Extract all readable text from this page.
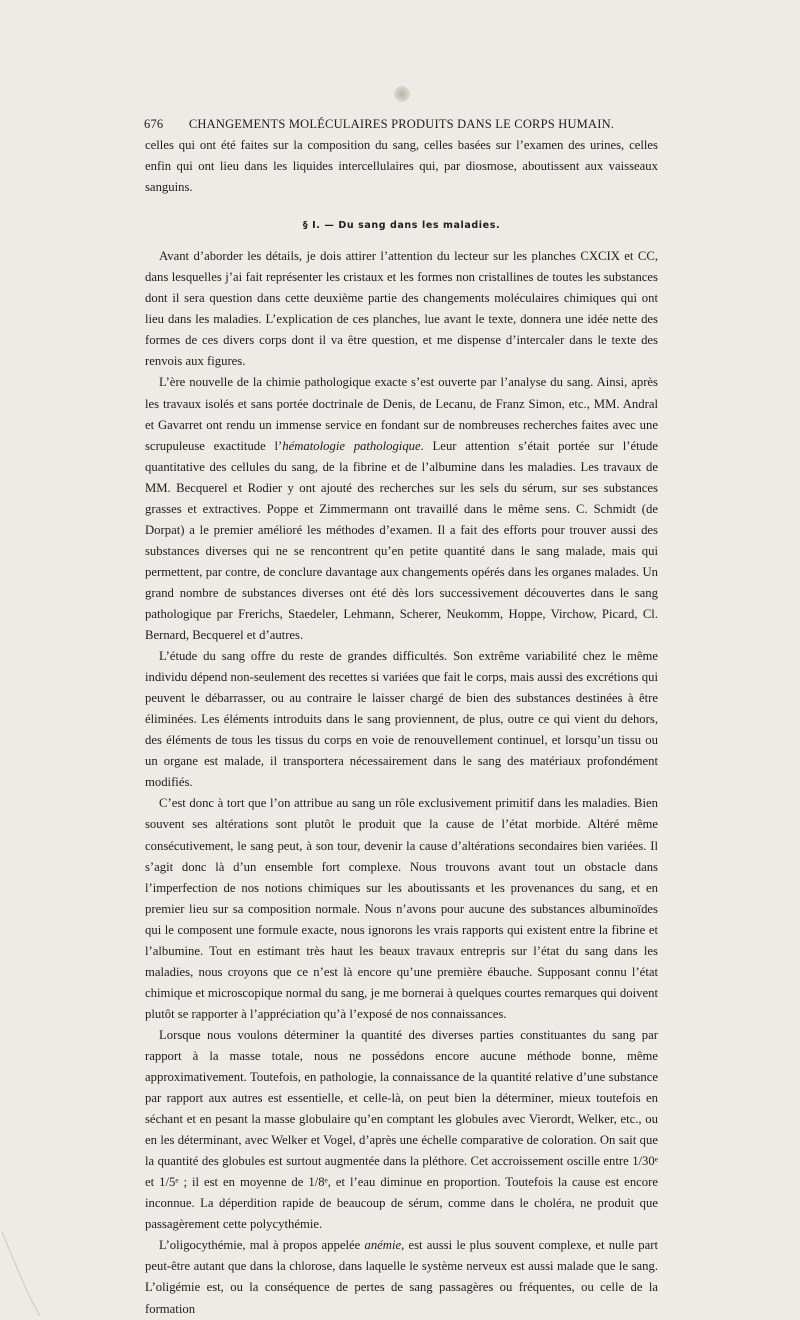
676	CHANGEMENTS MOLÉCULAIRES PRODUITS DANS LE CORPS HUMAIN.

celles qui ont été faites sur la composition du sang, celles basées sur l’examen des urines, celles enfin qui ont lieu dans les liquides intercellulaires qui, par diosmose, aboutissent aux vaisseaux sanguins.

§ I. — Du sang dans les maladies.

Avant d’aborder les détails, je dois attirer l’attention du lecteur sur les planches CXCIX et CC, dans lesquelles j’ai fait représenter les cristaux et les formes non cristallines de toutes les substances dont il sera question dans cette deuxième partie des changements moléculaires chimiques qui ont lieu dans les maladies. L’explication de ces planches, lue avant le texte, donnera une idée nette des formes de ces divers corps dont il va être question, et me dispense d’intercaler dans le texte des renvois aux figures.

L’ère nouvelle de la chimie pathologique exacte s’est ouverte par l’analyse du sang. Ainsi, après les travaux isolés et sans portée doctrinale de Denis, de Lecanu, de Franz Simon, etc., MM. Andral et Gavarret ont rendu un immense service en fondant sur de nombreuses recherches faites avec une scrupuleuse exactitude l’hématologie pathologique. Leur attention s’était portée sur l’étude quantitative des cellules du sang, de la fibrine et de l’albumine dans les maladies. Les travaux de MM. Becquerel et Rodier y ont ajouté des recherches sur les sels du sérum, sur ses substances grasses et extractives. Poppe et Zimmermann ont travaillé dans le même sens. C. Schmidt (de Dorpat) a le premier amélioré les méthodes d’examen. Il a fait des efforts pour trouver aussi des substances diverses qui ne se rencontrent qu’en petite quantité dans le sang malade, mais qui permettent, par contre, de conclure davantage aux changements opérés dans les organes malades. Un grand nombre de substances diverses ont été dès lors successivement découvertes dans le sang pathologique par Frerichs, Staedeler, Lehmann, Scherer, Neukomm, Hoppe, Virchow, Picard, Cl. Bernard, Becquerel et d’autres.

L’étude du sang offre du reste de grandes difficultés. Son extrême variabilité chez le même individu dépend non-seulement des recettes si variées que fait le corps, mais aussi des excrétions qui peuvent le débarrasser, ou au contraire le laisser chargé de bien des substances destinées à être éliminées. Les éléments introduits dans le sang proviennent, de plus, outre ce qui vient du dehors, des éléments de tous les tissus du corps en voie de renouvellement continuel, et lorsqu’un tissu ou un organe est malade, il transportera nécessairement dans le sang des matériaux profondément modifiés.

C’est donc à tort que l’on attribue au sang un rôle exclusivement primitif dans les maladies. Bien souvent ses altérations sont plutôt le produit que la cause de l’état morbide. Altéré même consécutivement, le sang peut, à son tour, devenir la cause d’altérations secondaires bien variées. Il s’agit donc là d’un ensemble fort complexe. Nous trouvons avant tout un obstacle dans l’imperfection de nos notions chimiques sur les aboutissants et les provenances du sang, et en premier lieu sur sa composition normale. Nous n’avons pour aucune des substances albuminoïdes qui le composent une formule exacte, nous ignorons les vrais rapports qui existent entre la fibrine et l’albumine. Tout en estimant très haut les beaux travaux entrepris sur l’état du sang dans les maladies, nous croyons que ce n’est là encore qu’une première ébauche. Supposant connu l’état chimique et microscopique normal du sang, je me bornerai à quelques courtes remarques qui doivent plutôt se rapporter à l’appréciation qu’à l’exposé de nos connaissances.

Lorsque nous voulons déterminer la quantité des diverses parties constituantes du sang par rapport à la masse totale, nous ne possédons encore aucune méthode bonne, même approximativement. Toutefois, en pathologie, la connaissance de la quantité relative d’une substance par rapport aux autres est essentielle, et celle-là, on peut bien la déterminer, mieux toutefois en séchant et en pesant la masse globulaire qu’en comptant les globules avec Vierordt, Welker, etc., ou en les déterminant, avec Welker et Vogel, d’après une échelle comparative de coloration. On sait que la quantité des globules est surtout augmentée dans la pléthore. Cet accroissement oscille entre 1/30ᵉ et 1/5ᵉ ; il est en moyenne de 1/8ᵉ, et l’eau diminue en proportion. Toutefois la cause est encore inconnue. La déperdition rapide de beaucoup de sérum, comme dans le choléra, ne produit que passagèrement cette polycythémie.

L’oligocythémie, mal à propos appelée anémie, est aussi le plus souvent complexe, et nulle part peut-être autant que dans la chlorose, dans laquelle le système nerveux est aussi malade que le sang. L’oligémie est, ou la conséquence de pertes de sang passagères ou fréquentes, ou celle de la formation
